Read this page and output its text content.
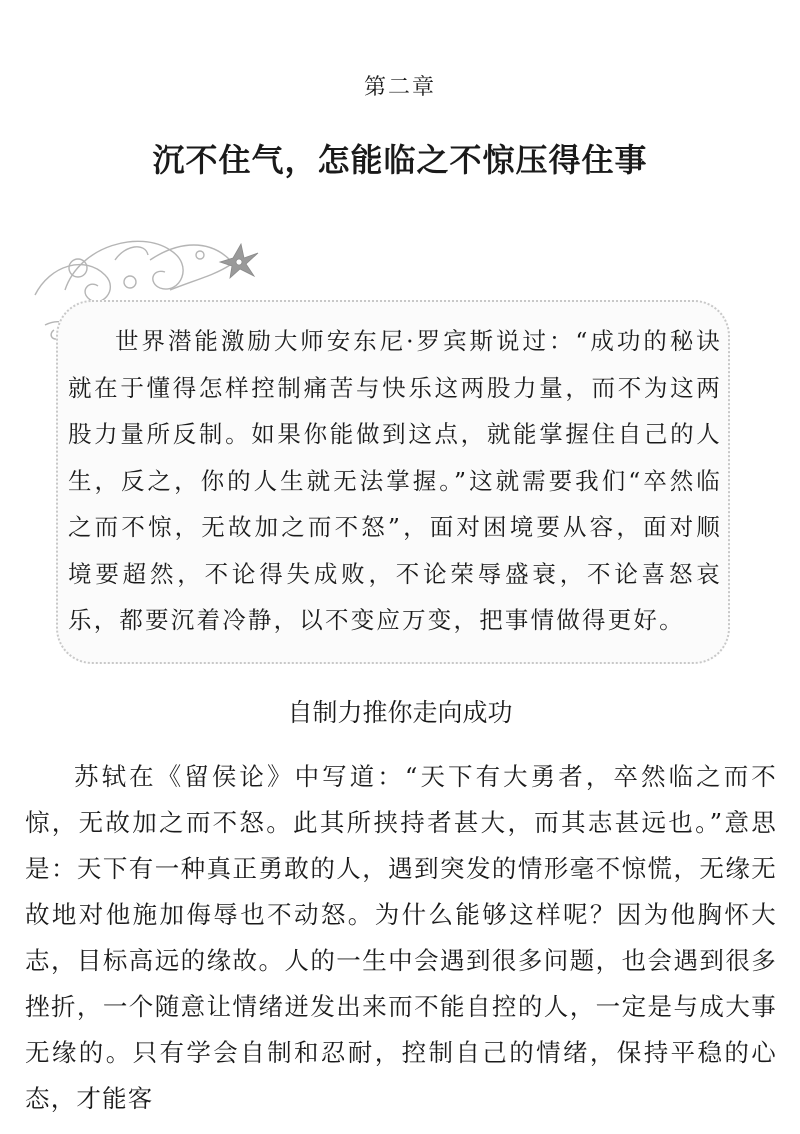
第二章
沉不住气，怎能临之不惊压得住事

世界潜能激励大师安东尼·罗宾斯说过：“成功的秘诀就在于懂得怎样控制痛苦与快乐这两股力量，而不为这两股力量所反制。如果你能做到这点，就能掌握住自己的人生，反之，你的人生就无法掌握。”这就需要我们“卒然临之而不惊，无故加之而不怒”，面对困境要从容，面对顺境要超然，不论得失成败，不论荣辱盛衰，不论喜怒哀乐，都要沉着冷静，以不变应万变，把事情做得更好。

自制力推你走向成功

苏轼在《留侯论》中写道：“天下有大勇者，卒然临之而不惊，无故加之而不怒。此其所挟持者甚大，而其志甚远也。”意思是：天下有一种真正勇敢的人，遇到突发的情形毫不惊慌，无缘无故地对他施加侮辱也不动怒。为什么能够这样呢？因为他胸怀大志，目标高远的缘故。人的一生中会遇到很多问题，也会遇到很多挫折，一个随意让情绪迸发出来而不能自控的人，一定是与成大事无缘的。只有学会自制和忍耐，控制自己的情绪，保持平稳的心态，才能客
